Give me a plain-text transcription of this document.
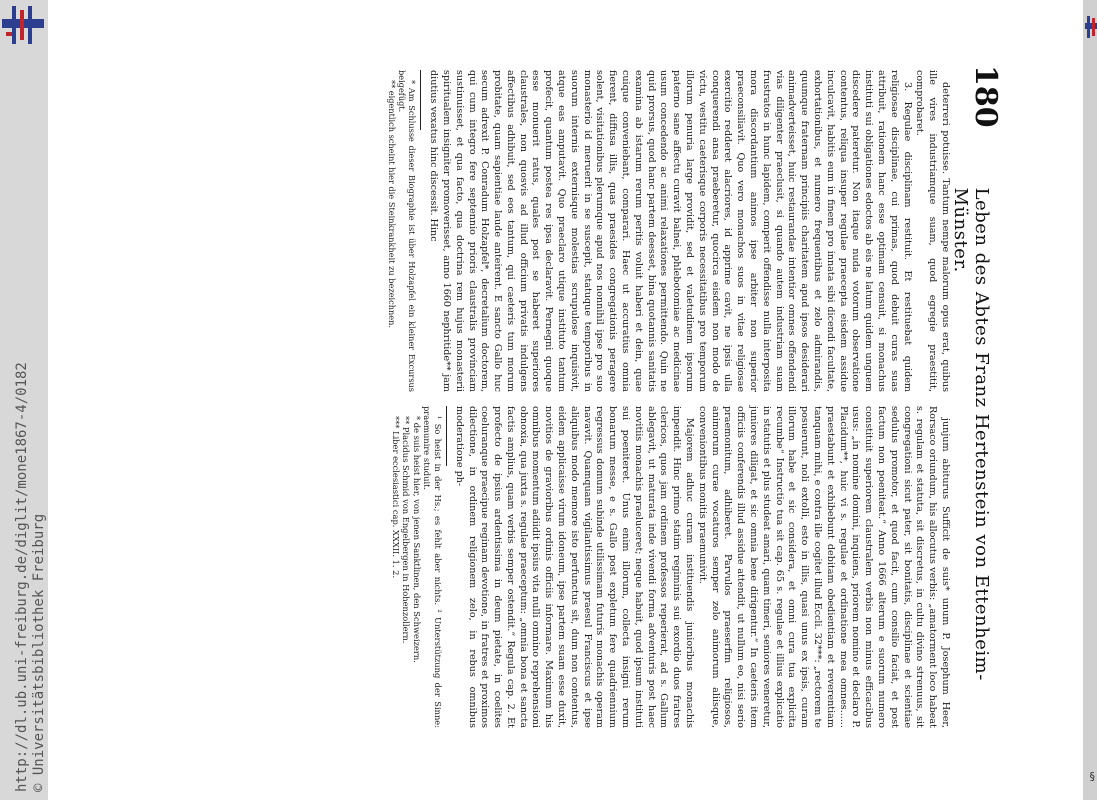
http://dl.ub.uni-freiburg.de/diglit/mone1867-4/0182 © Universitätsbibliothek Freiburg
180
Leben des Abtes Franz Hertenstein von Ettenheim-Münster.

deterreri potuisse. Tantum nempe malorum opus erat, quibus ille vires industriamque suam, quod egregie praestitit, comprobaret.

3. Regulae disciplinam restituit. Et restituebat quidem religiosae disciplinae, cui primas, quod debuit curas suas attribuit, rationem hanc esse optimam censuit, si monachus instituti sui obligationes edoctos ab eis ne latum quidem unguem discedere pateretur. Non itaque nuda votorum observatione contentus, reliqua insuper regulae praecepta eisdem assidue inculcavit, habitis eum in finem pro innata sibi dicendi facultate, exhortationibus, et numero frequentibus et zelo admirandis, quumque fraternam principiis charitatem apud ipsos desiderari animadverteisset, huic restaurandae intentior omnes offendendi vias diligenter praeclusit, si quando autem industriam suam frustratos in hunc lapidem, comperit offendisse nulla interposita mora discordantium animos ipse arbiter non superior praeconsiliavit. Quo vero monachos suos in vitae religiosae exercitio redderet alacriores, id apprime cavit, ne ipsis ulla conquerendi ansa praeberetur, quocirca eisdem non modo de victu, vestitu caeterisque corporis necessitatibus pro temporum illorum penuria large providit, sed et valetudinem ipsorum paterno sane affectu curavit balnei, phlebotomiae ac medicinae usum concedendo ac animi relaxationes permittendo. Quin ne quid prorsus, quod hanc partem deesset, bina quotannis sanitatis examina ab istarum rerum peritis voluit haberi et dein, quae cuique conveniebant, comparari. Haec ut accuratius omnia fierent, diffusa illis, quas praesides congregationis peragere solent, visitationibus plerumque apud nos nonnihil ipse pro suo monasterio id meruerit in se suscepit, statuque temporibus in suorum internis externisque molestias scrupulose inquisivit, atque eas amputavit. Quo praeclaro utique instituto tantum profecit, quantum postea res ipsa declaravit. Pernegni quoque esse monuerit ratus, quales post se haberet superiores claustrales, non quosvis ad illud officium privatis indulgens affectibus adhibuit, sed eos tantum, qui caeteris tum morum probitate, quam sapientiae laude anteirent. E sancto Gallo huc secum adrexit P. Conradum Holzapfel*, decretalium doctorem, qui cum integro fere septennio prioris claustralis provinciam sustinuisset, et qua facto, qua doctrina rem hujus monasterii spiritualem insigniter promoverisset, anno 1660 nephritide** jam diutius vexatus hinc discessit. Hinc

* Am Schlusse dieser Biographie ist über Holzapfel ein kleiner Excursus beigefügt.

** eigentlich scheint hier die Steinkrankheit zu bezeichnen.

junjum abiturus Sufficit de suis* unum P. Josephum Heer, Rorsaco oriundum, his allocutus verbis: „amatorment loco habeat s. regulam et statuta, sit discretus, in cultu divino strenuus, sit congregationi sicut pater, sit bonitatis, disciplinae et scientiae sedulus promotor, et quod facit, cum consilio faciat, et post factum non poeniteat.“ Anno 1666 alterum e suorum numero constituit superiorem claustralem verbis non minus efficacibus usus: „in nomine domini, inquiens, priorem nomino et declaro P. Placidum**, huic vi s. regulae et ordinatione mea omnes...... praestabunt et exhibebunt debitam obedientiam et reverentiam tanquam mihi, e contra ille cogitet illud Eccli. 32***: „rectorem te posuerunt, noli extolli, esto in illis, quasi unus ex ipsis, curam illorum habe et sic considera, et omni cura tua explicita recumbe“ Instructio tua sit cap. 65 s. regulae et illius explicatio in statutis et plus studeat amari, quam timeri, seniores veneretur, juniores diligat, et sic omnia bene dirigentur.“ In caeteris item officiis conferendis illud assidue attendit, ut nullum eo, nisi serio praemonitum, adhiberet. Parvulos praeserfim religiosos, animorum curae vocaturos semper zelo animorum aliisque, conveniontibus monitis praemunivit.

Majorem adhuc curam instituendis junioribus monachis impendit. Hinc primo statim regiminis sui exordio duos fratres clericos, quos jam ordinem professos reperierat, ad s. Gallum ablegavit, ut maturata inde vivendi forma adventuris post haec novitiis monachis praeluceret; neque habuit, quod ipsum instituti sui poeniteret. Unus enim illorum, collecta insigni rerum bonarum messe, e s. Gallo post expletum fere quadriennium regressus domum subinde utilissimam futuris monachis operam navavit. Quamquam vigilantissimus praesul Franciscus et ipse aliquibus modo memore isto perfunctus sit, dum non contentus, eidem applicaisse virum idoneum, ipse partem suam esse duxit, novitios de gravioribus ordinis officiis informare. Maximum his omnibus momentum adiidit ipsius vita nulli omnino reprehensioni obnoxia, qua juxta s. regulae praeceptum: „omnia bona et sancta factis amplius, quam verbis semper ostendit.“ Regula cap. 2. Et profecto de ipsius ardentissima in deum pietate, in coelites coeluranque praecipue reginam devotione, in fratres et proximos dilectione, in ordinem religionem zelo, in rebus omnibus moderatione ph-

¹ So heist in der Hs.; es fehlt aber nichts. ² Unterstützung der Sinne: praemunire studuit.

* de suis heist hier, von jenen Sanktlinen, den Schweizern.

** Placidus Schmid von Engelbergen in Hohenzollern.

*** Liber ecclesiastici cap. XXXII. 1. 2.

§
